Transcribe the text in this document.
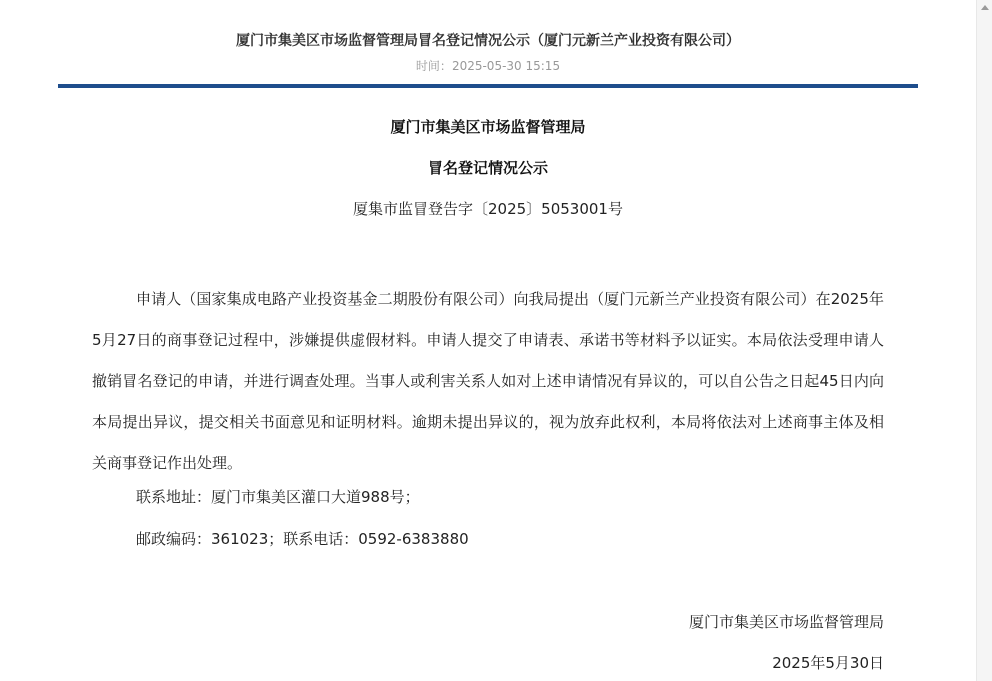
厦门市集美区市场监督管理局冒名登记情况公示（厦门元新兰产业投资有限公司）
时间：2025-05-30 15:15
厦门市集美区市场监督管理局
冒名登记情况公示
厦集市监冒登告字〔2025〕5053001号

申请人（国家集成电路产业投资基金二期股份有限公司）向我局提出（厦门元新兰产业投资有限公司）在2025年5月27日的商事登记过程中，涉嫌提供虚假材料。申请人提交了申请表、承诺书等材料予以证实。本局依法受理申请人撤销冒名登记的申请，并进行调查处理。当事人或利害关系人如对上述申请情况有异议的，可以自公告之日起45日内向本局提出异议，提交相关书面意见和证明材料。逾期未提出异议的，视为放弃此权利，本局将依法对上述商事主体及相关商事登记作出处理。

联系地址：厦门市集美区灌口大道988号；
邮政编码：361023；联系电话：0592-6383880
厦门市集美区市场监督管理局
2025年5月30日
